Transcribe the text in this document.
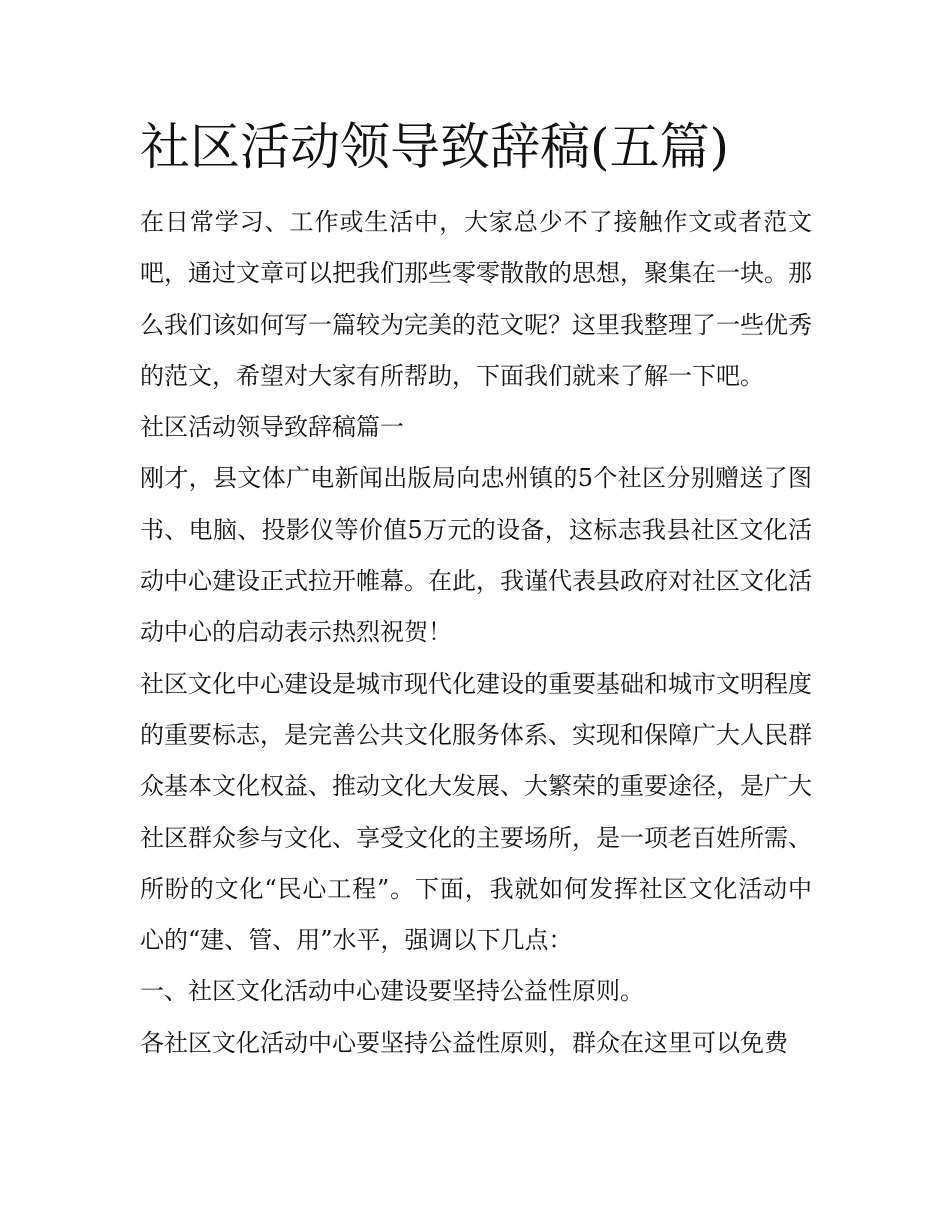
社区活动领导致辞稿(五篇)

在日常学习、工作或生活中，大家总少不了接触作文或者范文吧，通过文章可以把我们那些零零散散的思想，聚集在一块。那么我们该如何写一篇较为完美的范文呢？这里我整理了一些优秀的范文，希望对大家有所帮助，下面我们就来了解一下吧。

社区活动领导致辞稿篇一

刚才，县文体广电新闻出版局向忠州镇的5个社区分别赠送了图书、电脑、投影仪等价值5万元的设备，这标志我县社区文化活动中心建设正式拉开帷幕。在此，我谨代表县政府对社区文化活动中心的启动表示热烈祝贺！

社区文化中心建设是城市现代化建设的重要基础和城市文明程度的重要标志，是完善公共文化服务体系、实现和保障广大人民群众基本文化权益、推动文化大发展、大繁荣的重要途径，是广大社区群众参与文化、享受文化的主要场所，是一项老百姓所需、所盼的文化“民心工程”。下面，我就如何发挥社区文化活动中心的“建、管、用”水平，强调以下几点：

一、社区文化活动中心建设要坚持公益性原则。

各社区文化活动中心要坚持公益性原则，群众在这里可以免费
